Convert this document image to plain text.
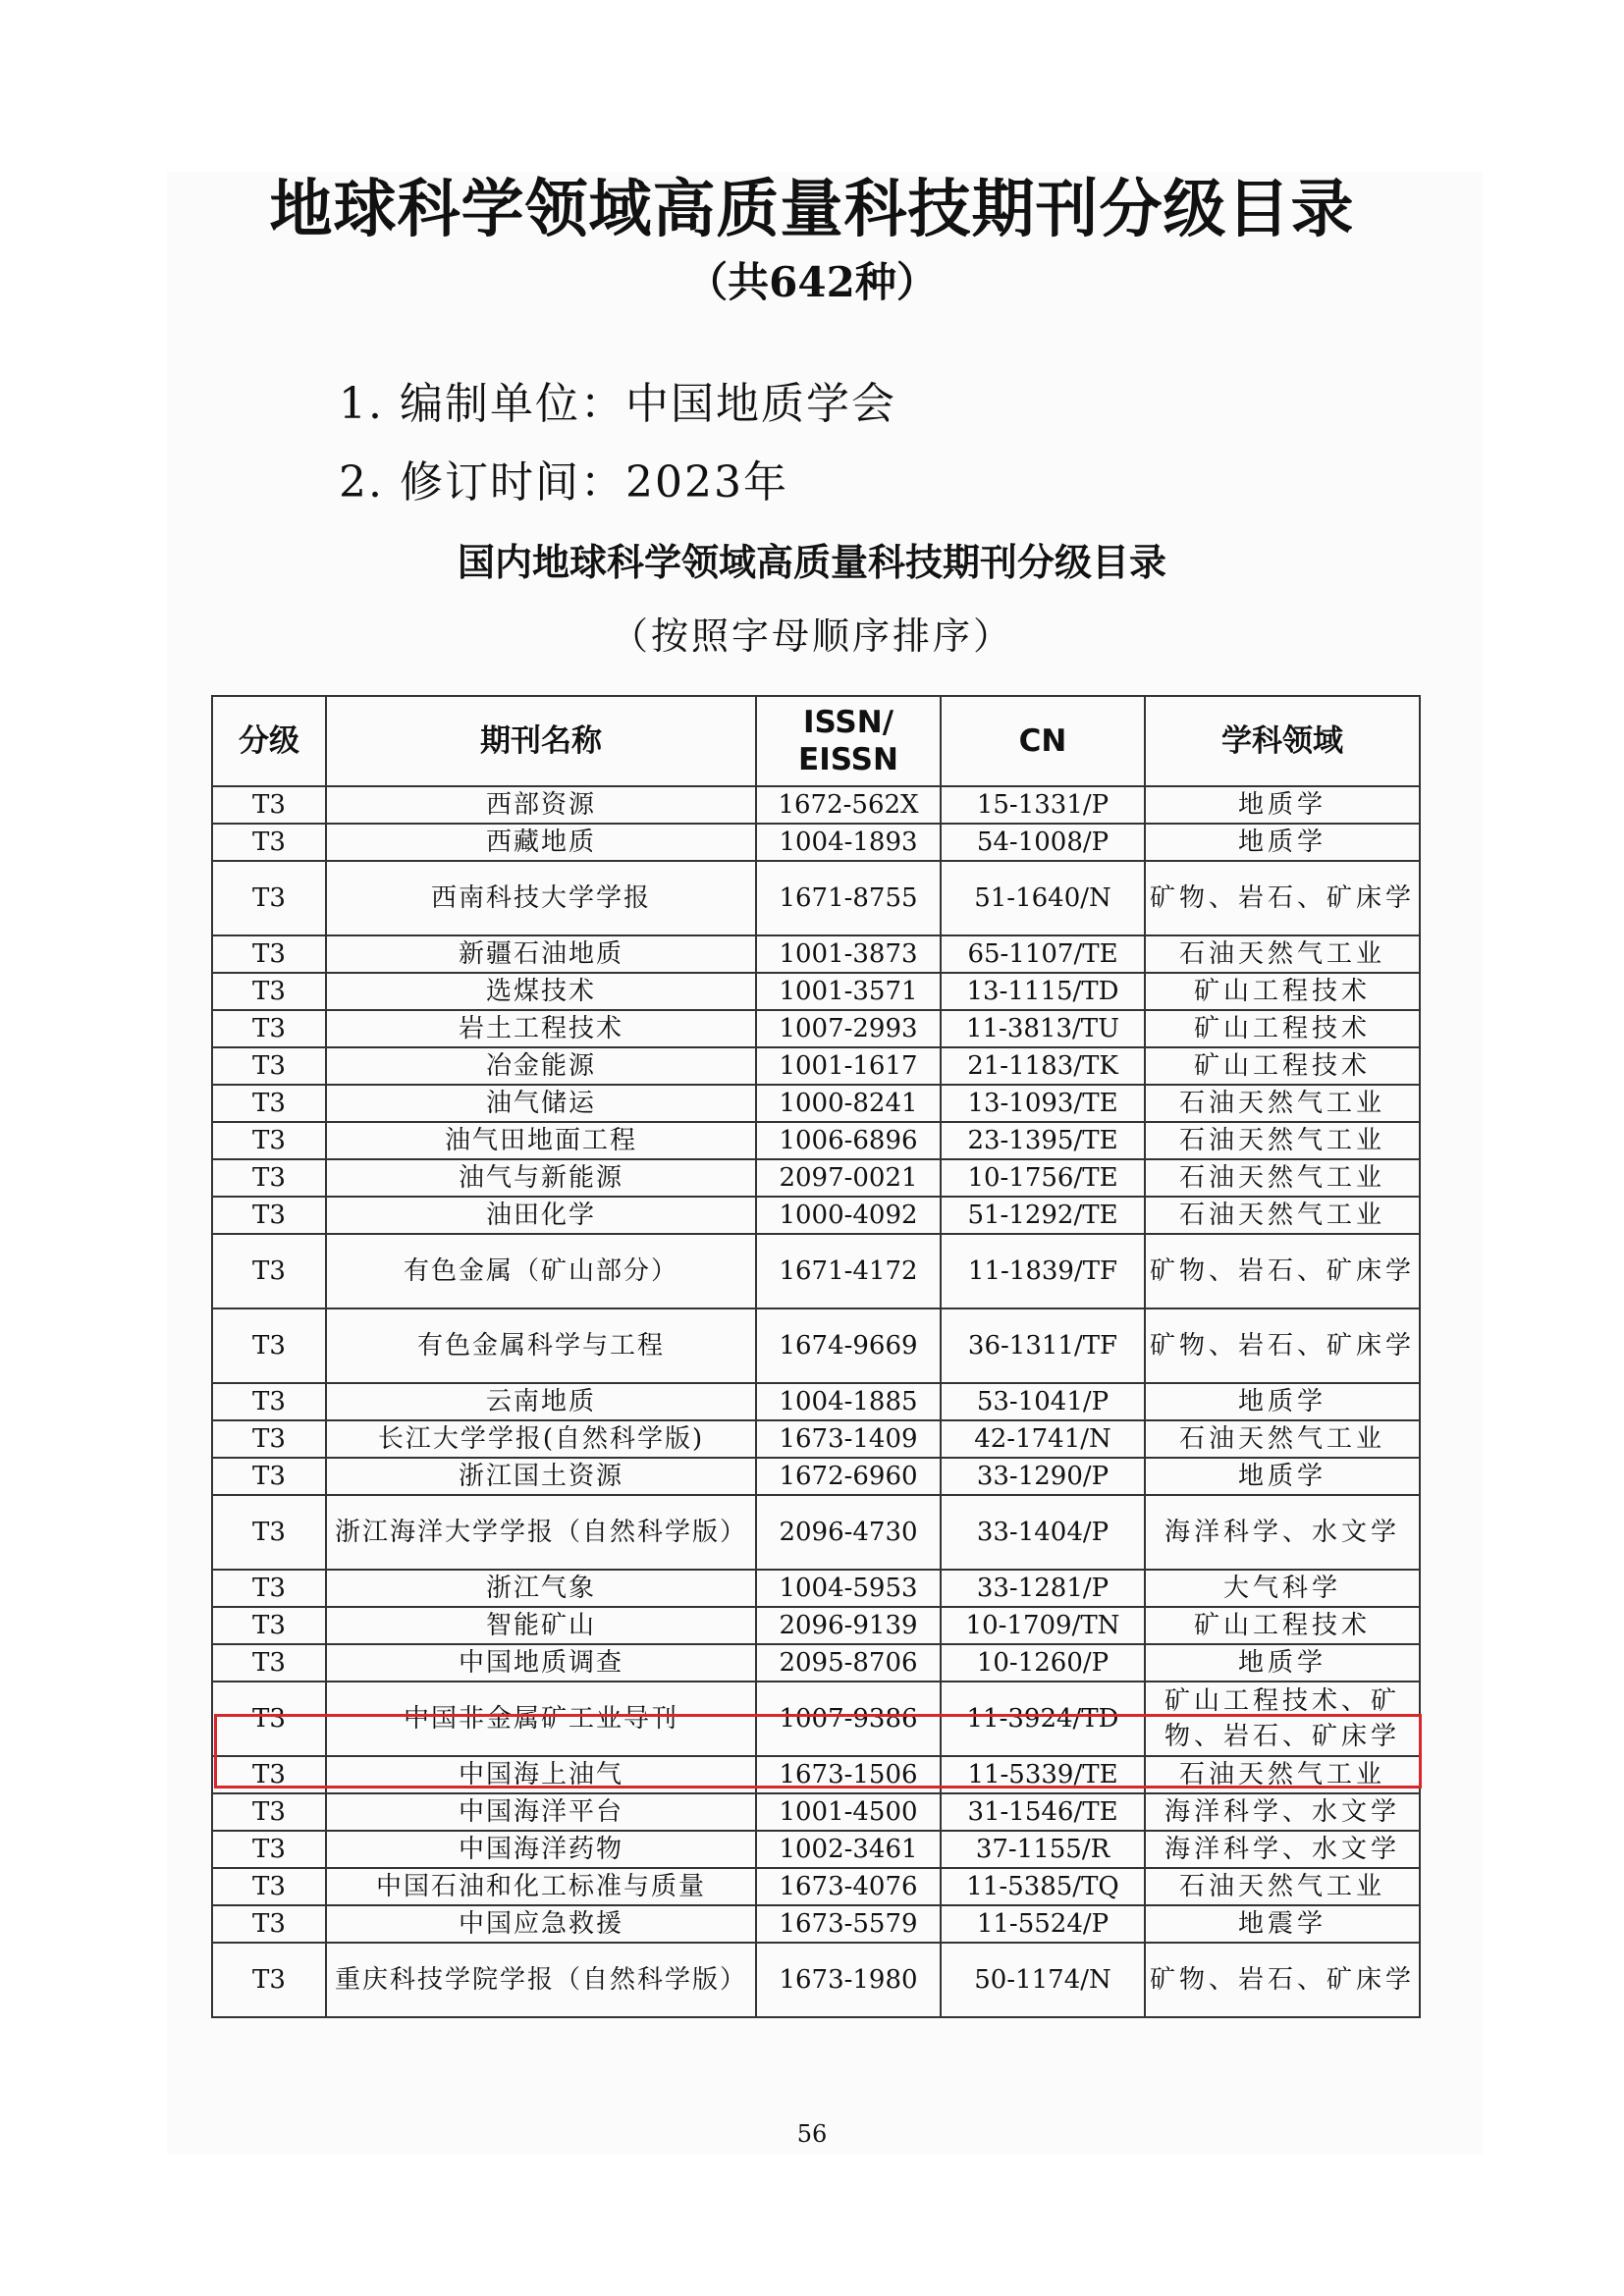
地球科学领域高质量科技期刊分级目录
（共642种）
1. 编制单位：中国地质学会
2. 修订时间：2023年
国内地球科学领域高质量科技期刊分级目录
（按照字母顺序排序）
分级	期刊名称	ISSN/ EISSN	CN	学科领域
T3	西部资源	1672-562X	15-1331/P	地质学
T3	西藏地质	1004-1893	54-1008/P	地质学
T3	西南科技大学学报	1671-8755	51-1640/N	矿物、岩石、矿床学
T3	新疆石油地质	1001-3873	65-1107/TE	石油天然气工业
T3	选煤技术	1001-3571	13-1115/TD	矿山工程技术
T3	岩土工程技术	1007-2993	11-3813/TU	矿山工程技术
T3	冶金能源	1001-1617	21-1183/TK	矿山工程技术
T3	油气储运	1000-8241	13-1093/TE	石油天然气工业
T3	油气田地面工程	1006-6896	23-1395/TE	石油天然气工业
T3	油气与新能源	2097-0021	10-1756/TE	石油天然气工业
T3	油田化学	1000-4092	51-1292/TE	石油天然气工业
T3	有色金属（矿山部分）	1671-4172	11-1839/TF	矿物、岩石、矿床学
T3	有色金属科学与工程	1674-9669	36-1311/TF	矿物、岩石、矿床学
T3	云南地质	1004-1885	53-1041/P	地质学
T3	长江大学学报(自然科学版)	1673-1409	42-1741/N	石油天然气工业
T3	浙江国土资源	1672-6960	33-1290/P	地质学
T3	浙江海洋大学学报（自然科学版）	2096-4730	33-1404/P	海洋科学、水文学
T3	浙江气象	1004-5953	33-1281/P	大气科学
T3	智能矿山	2096-9139	10-1709/TN	矿山工程技术
T3	中国地质调查	2095-8706	10-1260/P	地质学
T3	中国非金属矿工业导刊	1007-9386	11-3924/TD	矿山工程技术、矿物、岩石、矿床学
T3	中国海上油气	1673-1506	11-5339/TE	石油天然气工业
T3	中国海洋平台	1001-4500	31-1546/TE	海洋科学、水文学
T3	中国海洋药物	1002-3461	37-1155/R	海洋科学、水文学
T3	中国石油和化工标准与质量	1673-4076	11-5385/TQ	石油天然气工业
T3	中国应急救援	1673-5579	11-5524/P	地震学
T3	重庆科技学院学报（自然科学版）	1673-1980	50-1174/N	矿物、岩石、矿床学
56
